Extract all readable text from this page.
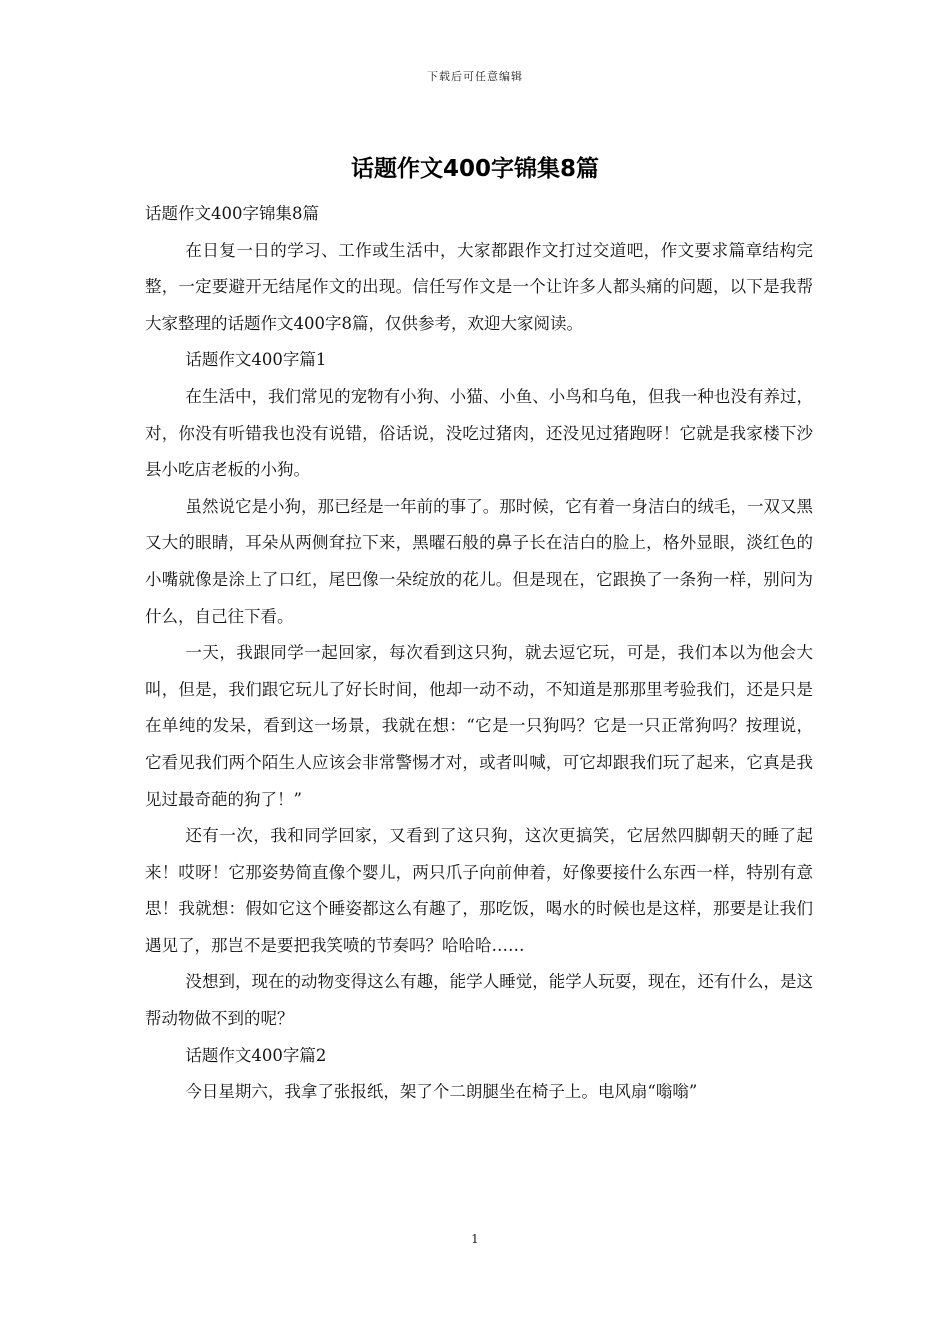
下载后可任意编辑
话题作文400字锦集8篇

话题作文400字锦集8篇

在日复一日的学习、工作或生活中，大家都跟作文打过交道吧，作文要求篇章结构完整，一定要避开无结尾作文的出现。信任写作文是一个让许多人都头痛的问题，以下是我帮大家整理的话题作文400字8篇，仅供参考，欢迎大家阅读。

话题作文400字篇1

在生活中，我们常见的宠物有小狗、小猫、小鱼、小鸟和乌龟，但我一种也没有养过，对，你没有听错我也没有说错，俗话说，没吃过猪肉，还没见过猪跑呀！它就是我家楼下沙县小吃店老板的小狗。

虽然说它是小狗，那已经是一年前的事了。那时候，它有着一身洁白的绒毛，一双又黑又大的眼睛，耳朵从两侧耷拉下来，黑曜石般的鼻子长在洁白的脸上，格外显眼，淡红色的小嘴就像是涂上了口红，尾巴像一朵绽放的花儿。但是现在，它跟换了一条狗一样，别问为什么，自己往下看。

一天，我跟同学一起回家，每次看到这只狗，就去逗它玩，可是，我们本以为他会大叫，但是，我们跟它玩儿了好长时间，他却一动不动，不知道是那那里考验我们，还是只是在单纯的发呆，看到这一场景，我就在想：“它是一只狗吗？它是一只正常狗吗？按理说，它看见我们两个陌生人应该会非常警惕才对，或者叫喊，可它却跟我们玩了起来，它真是我见过最奇葩的狗了！”

还有一次，我和同学回家，又看到了这只狗，这次更搞笑，它居然四脚朝天的睡了起来！哎呀！它那姿势简直像个婴儿，两只爪子向前伸着，好像要接什么东西一样，特别有意思！我就想：假如它这个睡姿都这么有趣了，那吃饭，喝水的时候也是这样，那要是让我们遇见了，那岂不是要把我笑喷的节奏吗？哈哈哈……

没想到，现在的动物变得这么有趣，能学人睡觉，能学人玩耍，现在，还有什么，是这帮动物做不到的呢？

话题作文400字篇2

今日星期六，我拿了张报纸，架了个二朗腿坐在椅子上。电风扇“嗡嗡”

1
